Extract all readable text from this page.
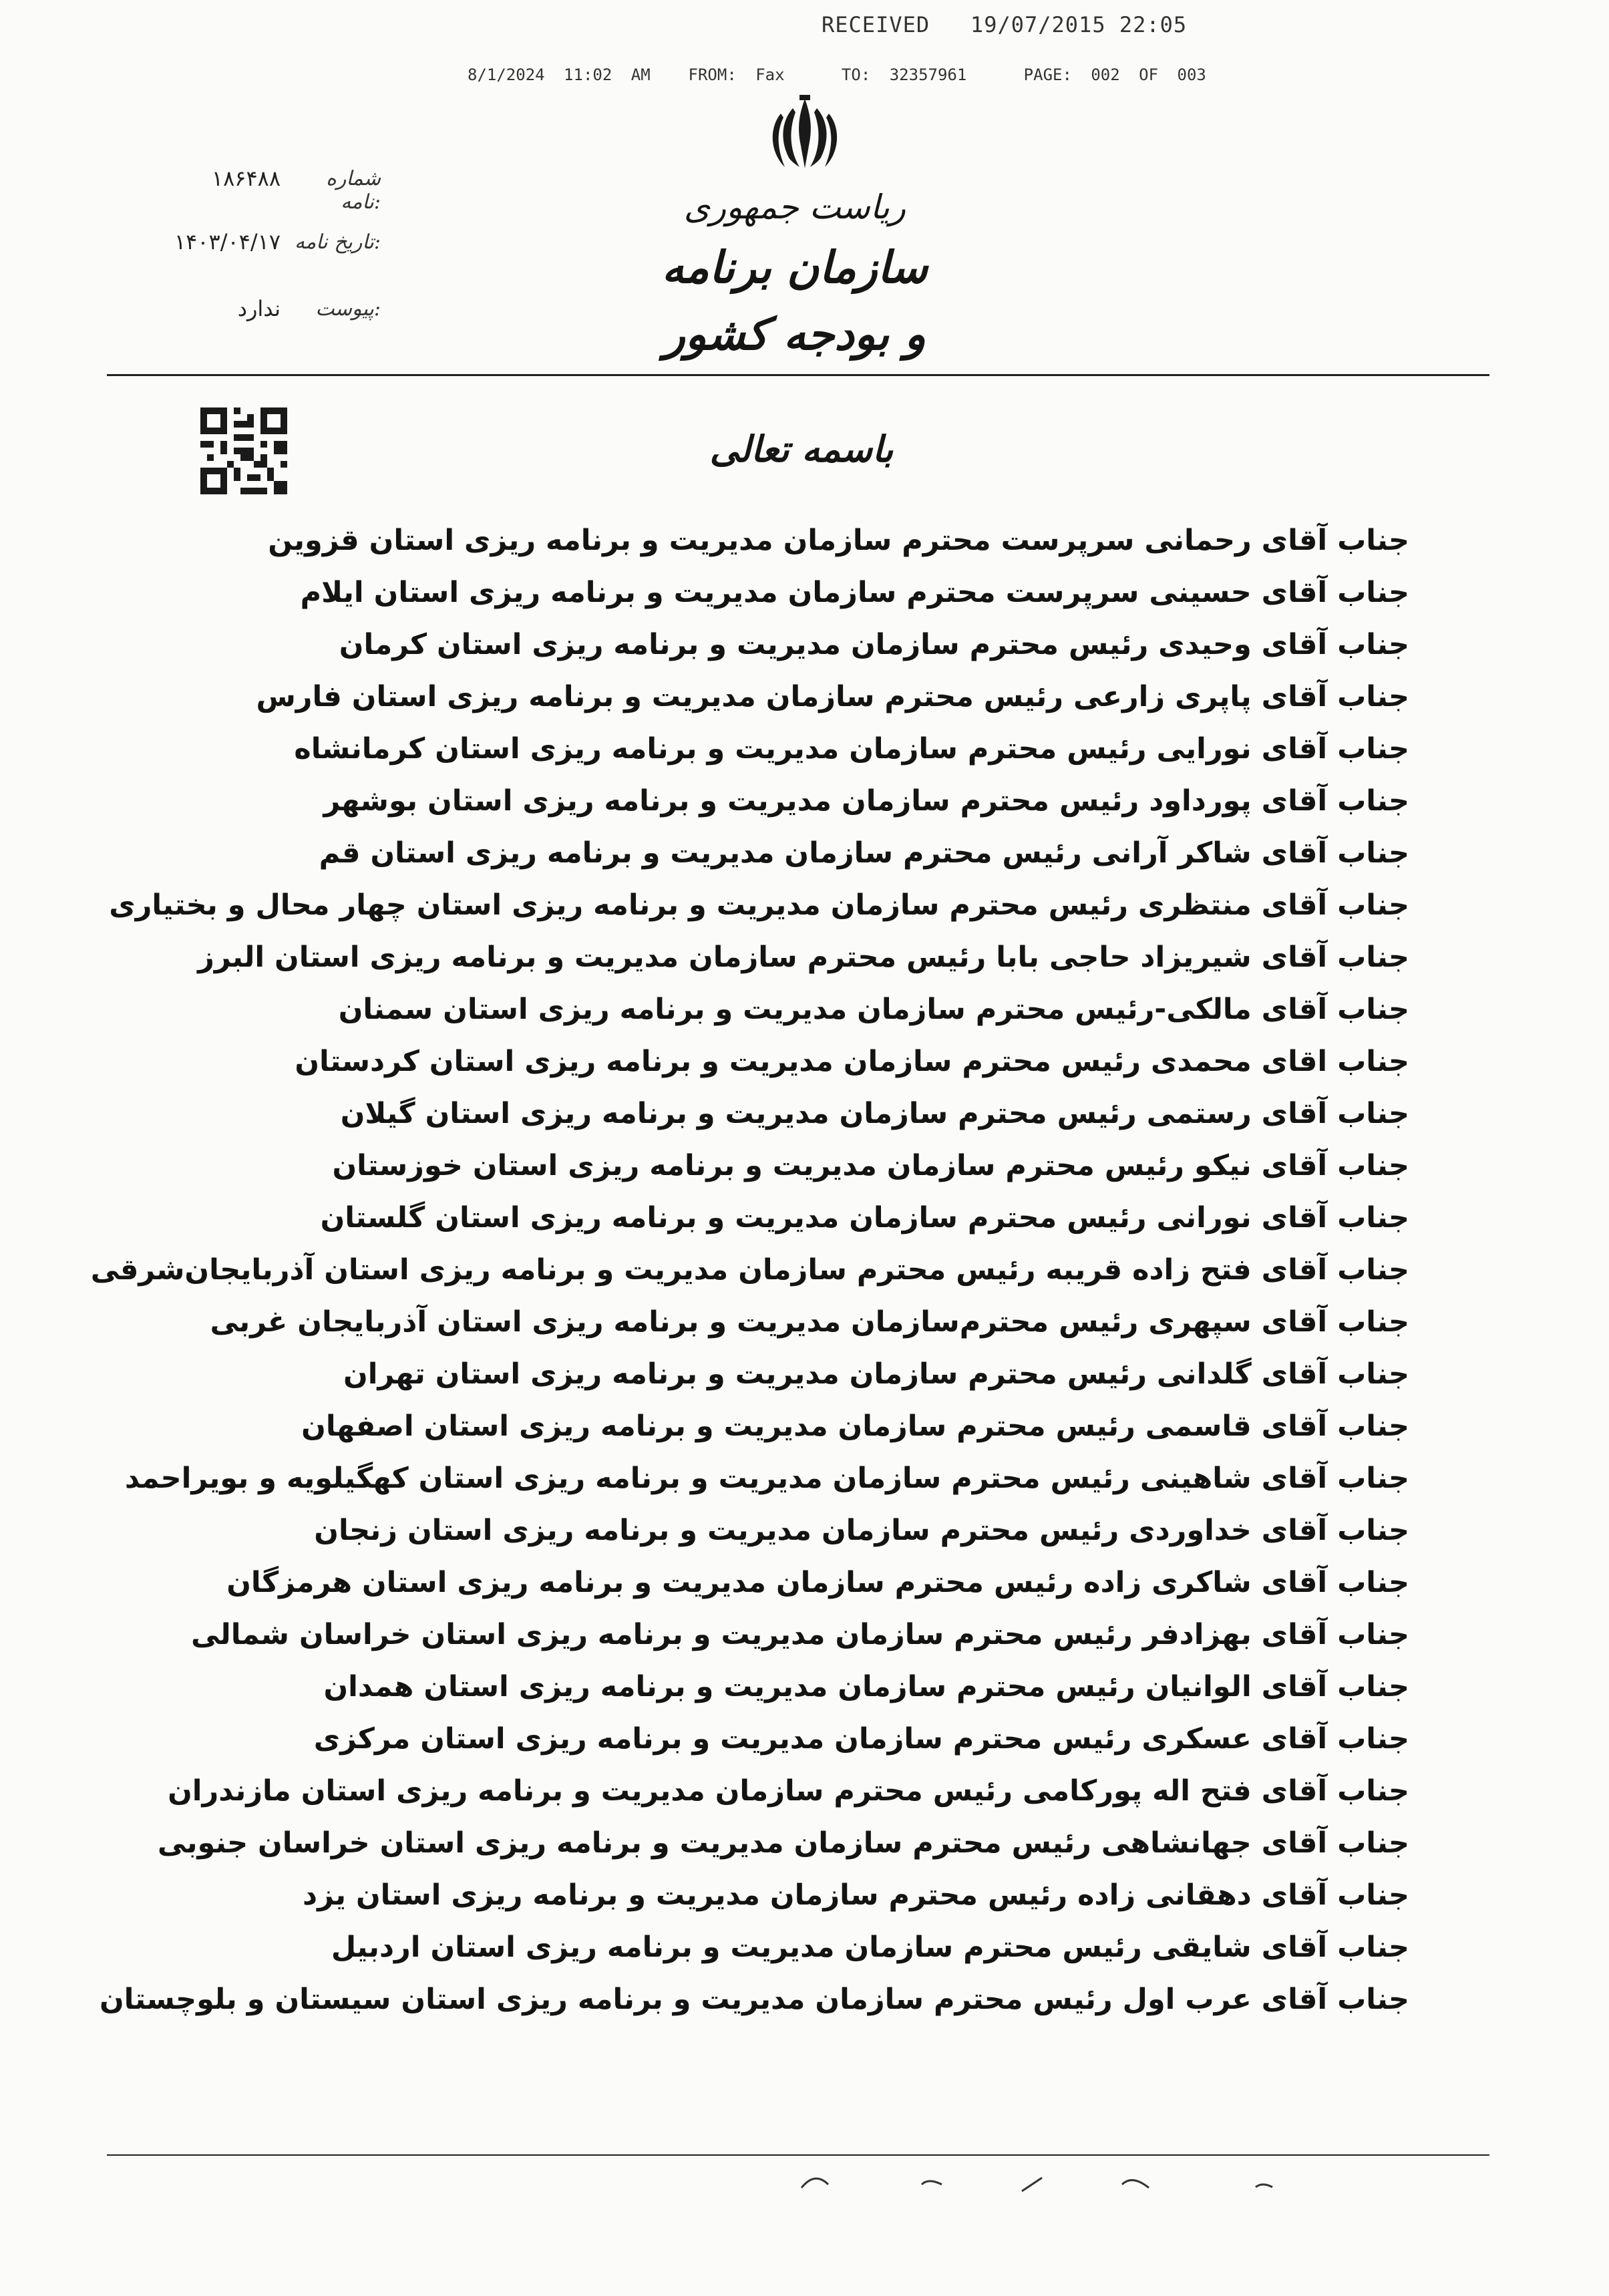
RECEIVED   19/07/2015 22:05
8/1/2024 11:02 AM  FROM: Fax   TO: 32357961   PAGE: 002 OF 003
ریاست جمهوری
سازمان برنامه و بودجه کشور
شماره نامه:
۱۸۶۴۸۸
تاریخ نامه:
۱۴۰۳/۰۴/۱۷
پیوست:
ندارد
باسمه تعالی
جناب آقای رحمانی سرپرست محترم سازمان مدیریت و برنامه ریزی استان قزوین
جناب آقای حسینی سرپرست محترم سازمان مدیریت و برنامه ریزی استان ایلام
جناب آقای وحیدی رئیس محترم سازمان مدیریت و برنامه ریزی استان کرمان
جناب آقای پاپری زارعی رئیس محترم سازمان مدیریت و برنامه ریزی استان فارس
جناب آقای نورایی رئیس محترم سازمان مدیریت و برنامه ریزی استان کرمانشاه
جناب آقای پورداود رئیس محترم سازمان مدیریت و برنامه ریزی استان بوشهر
جناب آقای شاکر آرانی رئیس محترم سازمان مدیریت و برنامه ریزی استان قم
جناب آقای منتظری رئیس محترم سازمان مدیریت و برنامه ریزی استان چهار محال و بختیاری
جناب آقای شیریزاد حاجی بابا رئیس محترم سازمان مدیریت و برنامه ریزی استان البرز
جناب آقای مالکی-رئیس محترم سازمان مدیریت و برنامه ریزی استان سمنان
جناب اقای محمدی رئیس محترم سازمان مدیریت و برنامه ریزی استان کردستان
جناب آقای رستمی رئیس محترم سازمان مدیریت و برنامه ریزی استان گیلان
جناب آقای نیکو رئیس محترم سازمان مدیریت و برنامه ریزی استان خوزستان
جناب آقای نورانی رئیس محترم سازمان مدیریت و برنامه ریزی استان گلستان
جناب آقای فتح زاده قریبه رئیس محترم سازمان مدیریت و برنامه ریزی استان آذربایجان‌شرقی
جناب آقای سپهری رئیس محترم‌سازمان مدیریت و برنامه ریزی استان آذربایجان غربی
جناب آقای گلدانی رئیس محترم سازمان مدیریت و برنامه ریزی استان تهران
جناب آقای قاسمی رئیس محترم سازمان مدیریت و برنامه ریزی استان اصفهان
جناب آقای شاهینی رئیس محترم سازمان مدیریت و برنامه ریزی استان کهگیلویه و بویراحمد
جناب آقای خداوردی رئیس محترم سازمان مدیریت و برنامه ریزی استان زنجان
جناب آقای شاکری زاده رئیس محترم سازمان مدیریت و برنامه ریزی استان هرمزگان
جناب آقای بهزادفر رئیس محترم سازمان مدیریت و برنامه ریزی استان خراسان شمالی
جناب آقای الوانیان رئیس محترم سازمان مدیریت و برنامه ریزی استان همدان
جناب آقای عسکری رئیس محترم سازمان مدیریت و برنامه ریزی استان مرکزی
جناب آقای فتح اله پورکامی رئیس محترم سازمان مدیریت و برنامه ریزی استان مازندران
جناب آقای جهانشاهی رئیس محترم سازمان مدیریت و برنامه ریزی استان خراسان جنوبی
جناب آقای دهقانی زاده رئیس محترم سازمان مدیریت و برنامه ریزی استان یزد
جناب آقای شایقی رئیس محترم سازمان مدیریت و برنامه ریزی استان اردبیل
جناب آقای عرب اول رئیس محترم سازمان مدیریت و برنامه ریزی استان سیستان و بلوچستان
